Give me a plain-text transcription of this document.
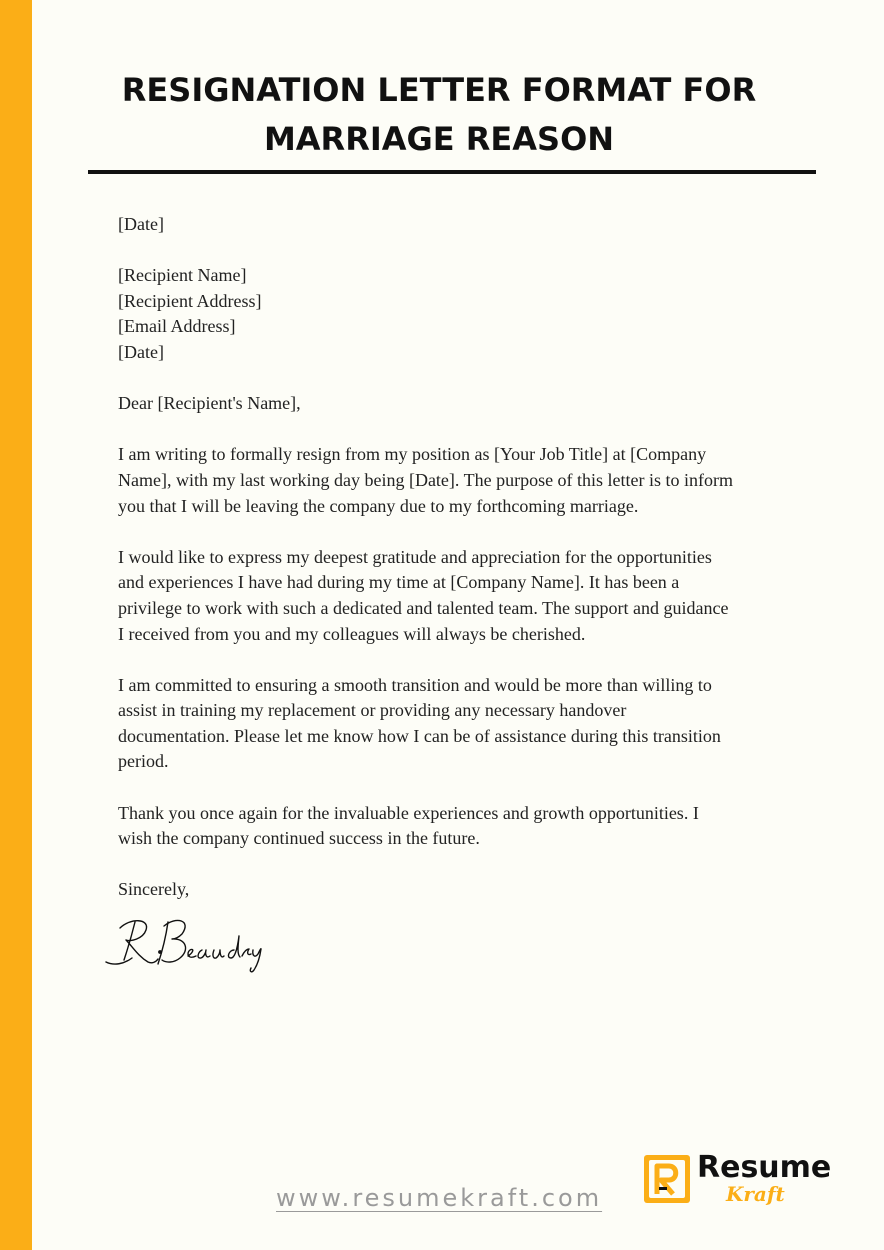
RESIGNATION LETTER FORMAT FOR
MARRIAGE REASON

[Date]

[Recipient Name]
[Recipient Address]
[Email Address]
[Date]

Dear [Recipient's Name],

I am writing to formally resign from my position as [Your Job Title] at [Company
Name], with my last working day being [Date]. The purpose of this letter is to inform
you that I will be leaving the company due to my forthcoming marriage.

I would like to express my deepest gratitude and appreciation for the opportunities
and experiences I have had during my time at [Company Name]. It has been a
privilege to work with such a dedicated and talented team. The support and guidance
I received from you and my colleagues will always be cherished.

I am committed to ensuring a smooth transition and would be more than willing to
assist in training my replacement or providing any necessary handover
documentation. Please let me know how I can be of assistance during this transition
period.

Thank you once again for the invaluable experiences and growth opportunities. I
wish the company continued success in the future.

Sincerely,

www.resumekraft.com
Resume
Kraft
